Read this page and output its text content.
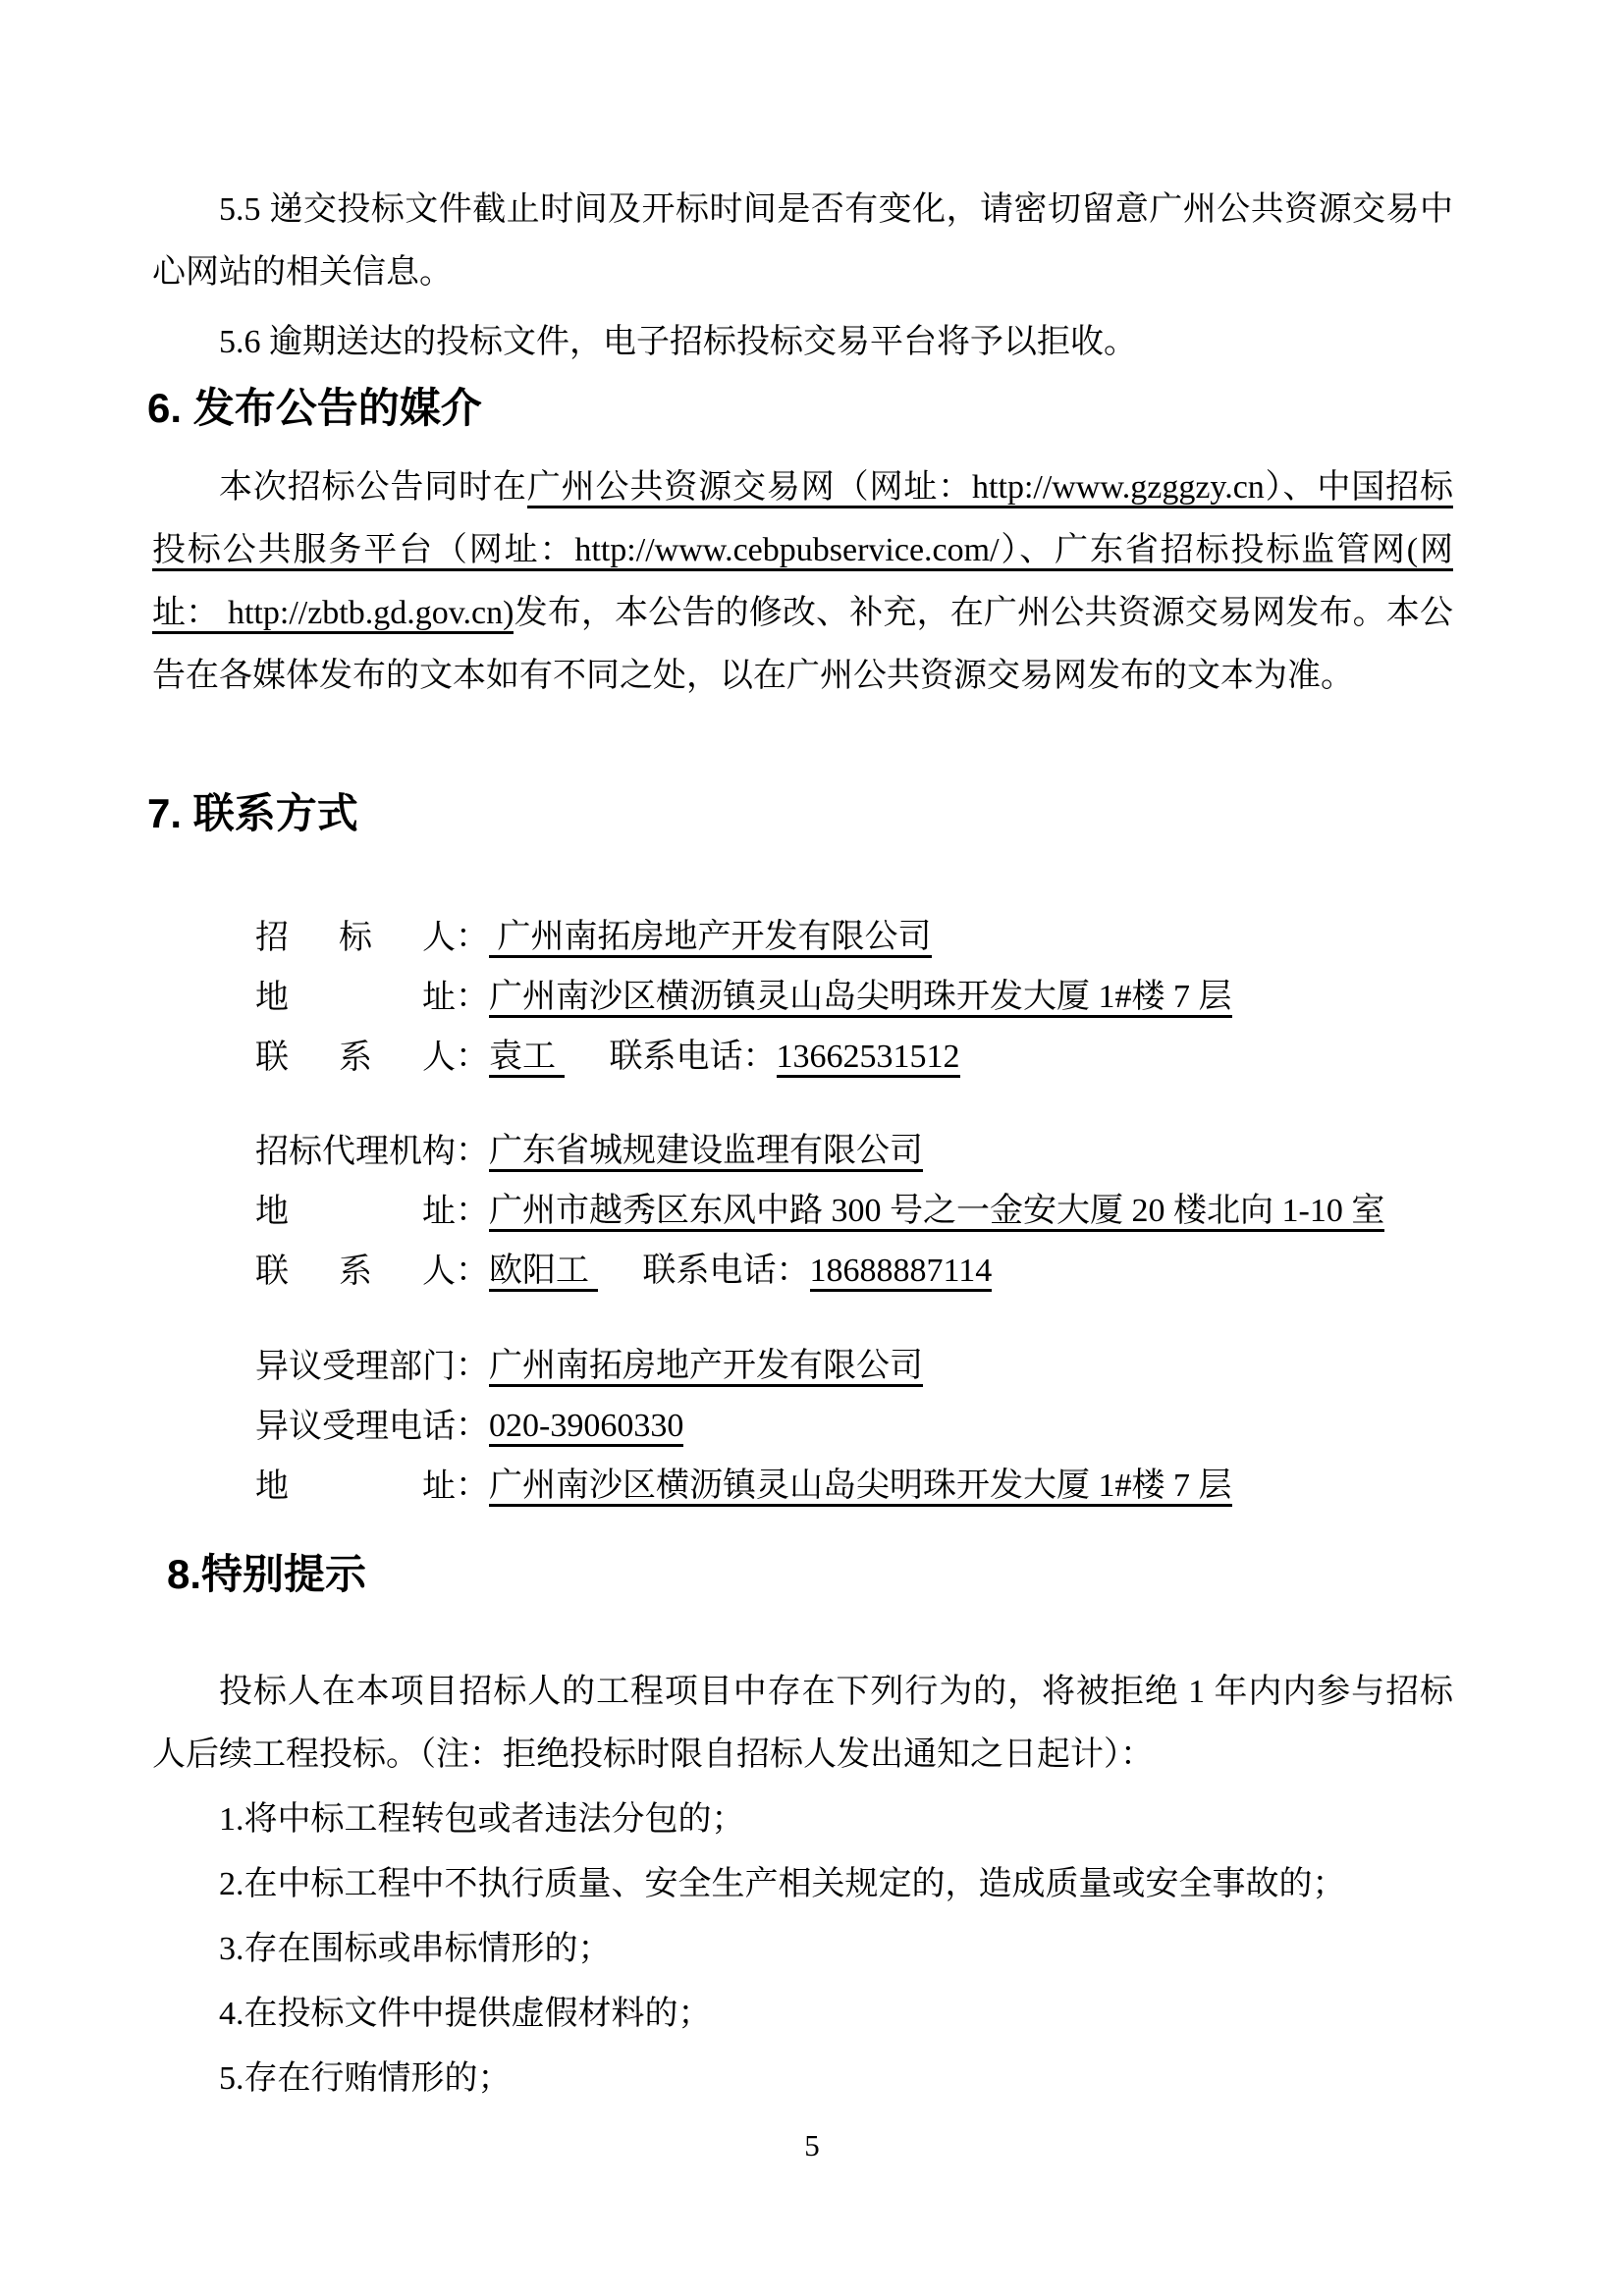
5.5 递交投标文件截止时间及开标时间是否有变化，请密切留意广州公共资源交易中心网站的相关信息。

5.6 逾期送达的投标文件，电子招标投标交易平台将予以拒收。

6. 发布公告的媒介

本次招标公告同时在广州公共资源交易网（网址：http://www.gzggzy.cn）、中国招标投标公共服务平台（网址：http://www.cebpubservice.com/）、广东省招标投标监管网(网址： http://zbtb.gd.gov.cn)发布，本公告的修改、补充，在广州公共资源交易网发布。本公告在各媒体发布的文本如有不同之处，以在广州公共资源交易网发布的文本为准。

7. 联系方式
招标人： 广州南拓房地产开发有限公司
地址：广州南沙区横沥镇灵山岛尖明珠开发大厦 1#楼 7 层
联系人：袁工 联系电话：13662531512
招标代理机构：广东省城规建设监理有限公司
地址：广州市越秀区东风中路 300 号之一金安大厦 20 楼北向 1-10 室
联系人：欧阳工 联系电话：18688887114
异议受理部门：广州南拓房地产开发有限公司
异议受理电话：020-39060330
地址：广州南沙区横沥镇灵山岛尖明珠开发大厦 1#楼 7 层
8.特别提示

投标人在本项目招标人的工程项目中存在下列行为的，将被拒绝 1 年内内参与招标人后续工程投标。（注：拒绝投标时限自招标人发出通知之日起计）：

1.将中标工程转包或者违法分包的；

2.在中标工程中不执行质量、安全生产相关规定的，造成质量或安全事故的；

3.存在围标或串标情形的；

4.在投标文件中提供虚假材料的；

5.存在行贿情形的；

5
